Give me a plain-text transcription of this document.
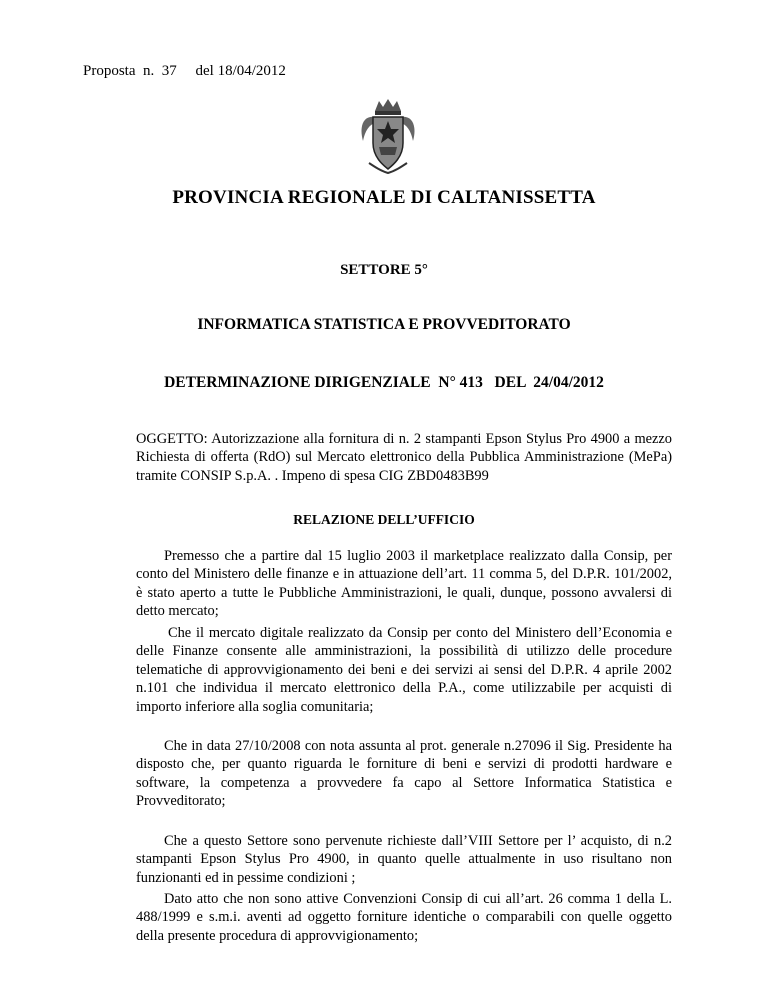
Proposta  n.  37     del 18/04/2012
PROVINCIA REGIONALE DI CALTANISSETTA
SETTORE 5°
INFORMATICA STATISTICA E PROVVEDITORATO
DETERMINAZIONE DIRIGENZIALE  N° 413   DEL  24/04/2012
OGGETTO: Autorizzazione alla fornitura di n. 2 stampanti Epson Stylus Pro 4900 a mezzo Richiesta di offerta (RdO) sul Mercato elettronico della Pubblica Amministrazione (MePa) tramite CONSIP S.p.A. . Impeno di spesa CIG ZBD0483B99
RELAZIONE DELL’UFFICIO
Premesso che a partire dal 15 luglio 2003 il marketplace realizzato dalla Consip, per conto del Ministero delle finanze e in attuazione dell’art. 11 comma 5, del D.P.R. 101/2002, è stato aperto a tutte le Pubbliche Amministrazioni, le quali, dunque, possono avvalersi di detto mercato;
Che il mercato digitale realizzato da Consip per conto del Ministero dell’Economia e delle Finanze consente alle amministrazioni, la possibilità di utilizzo delle procedure telematiche di approvvigionamento dei beni e dei servizi ai sensi del D.P.R. 4 aprile 2002 n.101 che individua il mercato elettronico della P.A., come utilizzabile per acquisti di importo inferiore alla soglia comunitaria;
Che in data 27/10/2008 con nota assunta al prot. generale n.27096 il Sig. Presidente ha disposto che, per quanto riguarda le forniture di beni e servizi di prodotti hardware e software, la competenza a provvedere fa capo al Settore Informatica Statistica e Provveditorato;
Che a questo Settore sono pervenute richieste dall’VIII Settore per l’ acquisto, di n.2 stampanti Epson Stylus Pro 4900, in quanto quelle attualmente in uso risultano non funzionanti ed in pessime condizioni ;
Dato atto che non sono attive Convenzioni Consip di cui all’art. 26 comma 1 della L. 488/1999 e s.m.i. aventi ad oggetto forniture identiche o comparabili con quelle oggetto della presente procedura di approvvigionamento;
